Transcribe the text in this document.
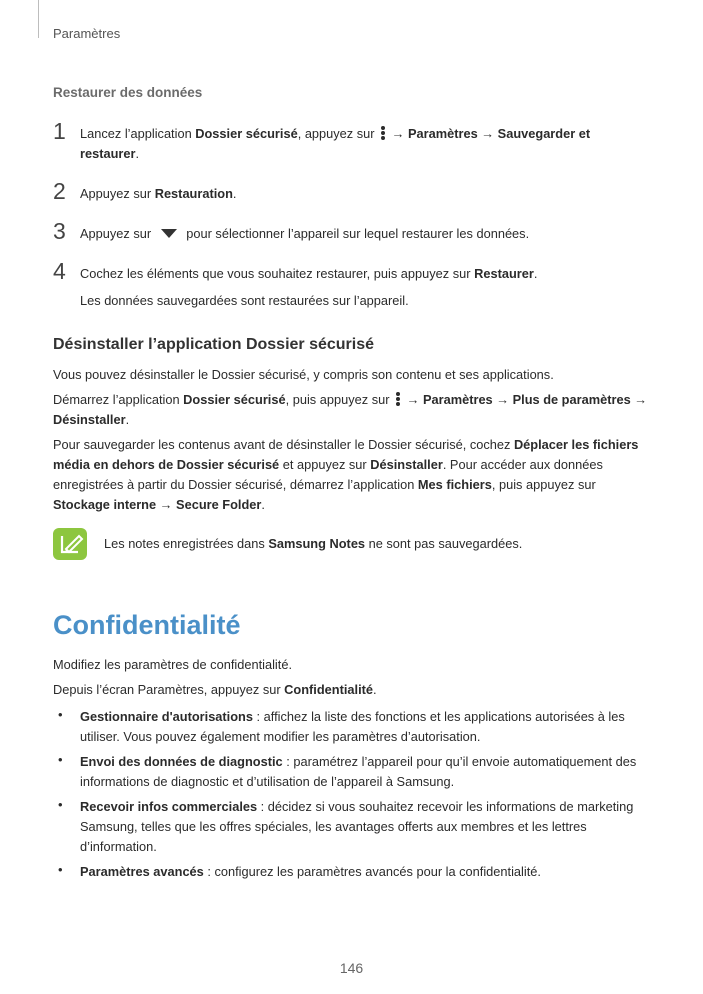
Paramètres
Restaurer des données
1 Lancez l’application Dossier sécurisé, appuyez sur
→ Paramètres → Sauvegarder et restaurer.
2 Appuyez sur Restauration.
3 Appuyez sur  pour sélectionner l’appareil sur lequel restaurer les données.
4 Cochez les éléments que vous souhaitez restaurer, puis appuyez sur Restaurer.
Les données sauvegardées sont restaurées sur l’appareil.
Désinstaller l’application Dossier sécurisé
Vous pouvez désinstaller le Dossier sécurisé, y compris son contenu et ses applications.
Démarrez l’application Dossier sécurisé, puis appuyez sur
→ Paramètres → Plus de paramètres → Désinstaller.
Pour sauvegarder les contenus avant de désinstaller le Dossier sécurisé, cochez Déplacer les fichiers média en dehors de Dossier sécurisé et appuyez sur Désinstaller. Pour accéder aux données enregistrées à partir du Dossier sécurisé, démarrez l’application Mes fichiers, puis appuyez sur Stockage interne → Secure Folder.
Les notes enregistrées dans Samsung Notes ne sont pas sauvegardées.
Confidentialité
Modifiez les paramètres de confidentialité.
Depuis l’écran Paramètres, appuyez sur Confidentialité.
• Gestionnaire d'autorisations : affichez la liste des fonctions et les applications autorisées à les utiliser. Vous pouvez également modifier les paramètres d’autorisation.
• Envoi des données de diagnostic : paramétrez l’appareil pour qu’il envoie automatiquement des informations de diagnostic et d’utilisation de l’appareil à Samsung.
• Recevoir infos commerciales : décidez si vous souhaitez recevoir les informations de marketing Samsung, telles que les offres spéciales, les avantages offerts aux membres et les lettres d’information.
• Paramètres avancés : configurez les paramètres avancés pour la confidentialité.
146
